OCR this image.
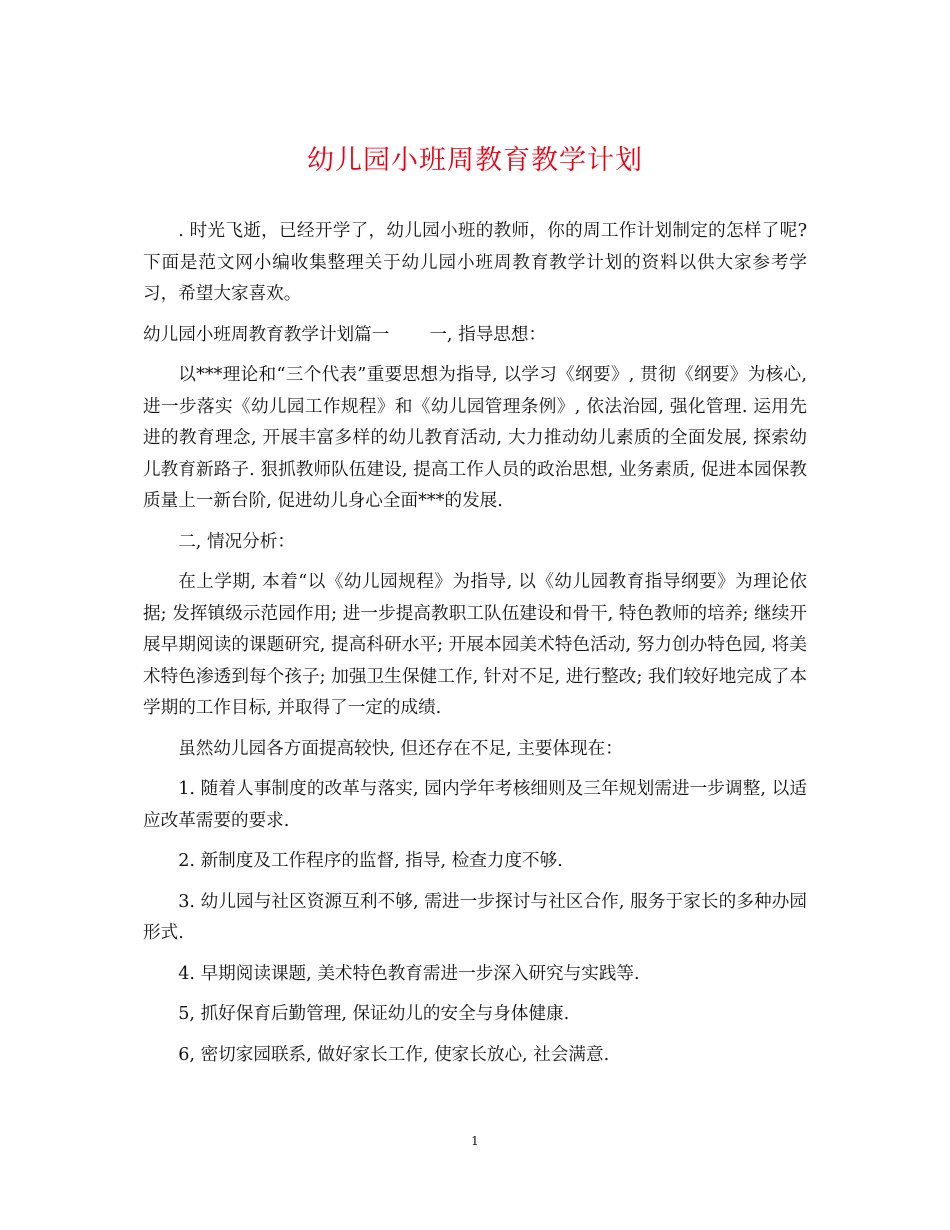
幼儿园小班周教育教学计划

. 时光飞逝，已经开学了，幼儿园小班的教师，你的周工作计划制定的怎样了呢?下面是范文网小编收集整理关于幼儿园小班周教育教学计划的资料以供大家参考学习，希望大家喜欢。

幼儿园小班周教育教学计划篇一 一, 指导思想：

以***理论和“三个代表”重要思想为指导, 以学习《纲要》, 贯彻《纲要》为核心, 进一步落实《幼儿园工作规程》和《幼儿园管理条例》, 依法治园, 强化管理. 运用先进的教育理念, 开展丰富多样的幼儿教育活动, 大力推动幼儿素质的全面发展, 探索幼儿教育新路子. 狠抓教师队伍建设, 提高工作人员的政治思想, 业务素质, 促进本园保教质量上一新台阶, 促进幼儿身心全面***的发展.

二, 情况分析：

在上学期, 本着“以《幼儿园规程》为指导, 以《幼儿园教育指导纲要》为理论依据; 发挥镇级示范园作用; 进一步提高教职工队伍建设和骨干, 特色教师的培养; 继续开展早期阅读的课题研究, 提高科研水平; 开展本园美术特色活动, 努力创办特色园, 将美术特色渗透到每个孩子; 加强卫生保健工作, 针对不足, 进行整改; 我们较好地完成了本学期的工作目标, 并取得了一定的成绩.

虽然幼儿园各方面提高较快, 但还存在不足, 主要体现在：

1. 随着人事制度的改革与落实, 园内学年考核细则及三年规划需进一步调整, 以适应改革需要的要求.

2. 新制度及工作程序的监督, 指导, 检查力度不够.

3. 幼儿园与社区资源互利不够, 需进一步探讨与社区合作, 服务于家长的多种办园形式.

4. 早期阅读课题, 美术特色教育需进一步深入研究与实践等.

5, 抓好保育后勤管理, 保证幼儿的安全与身体健康.

6, 密切家园联系, 做好家长工作, 使家长放心, 社会满意.

1
